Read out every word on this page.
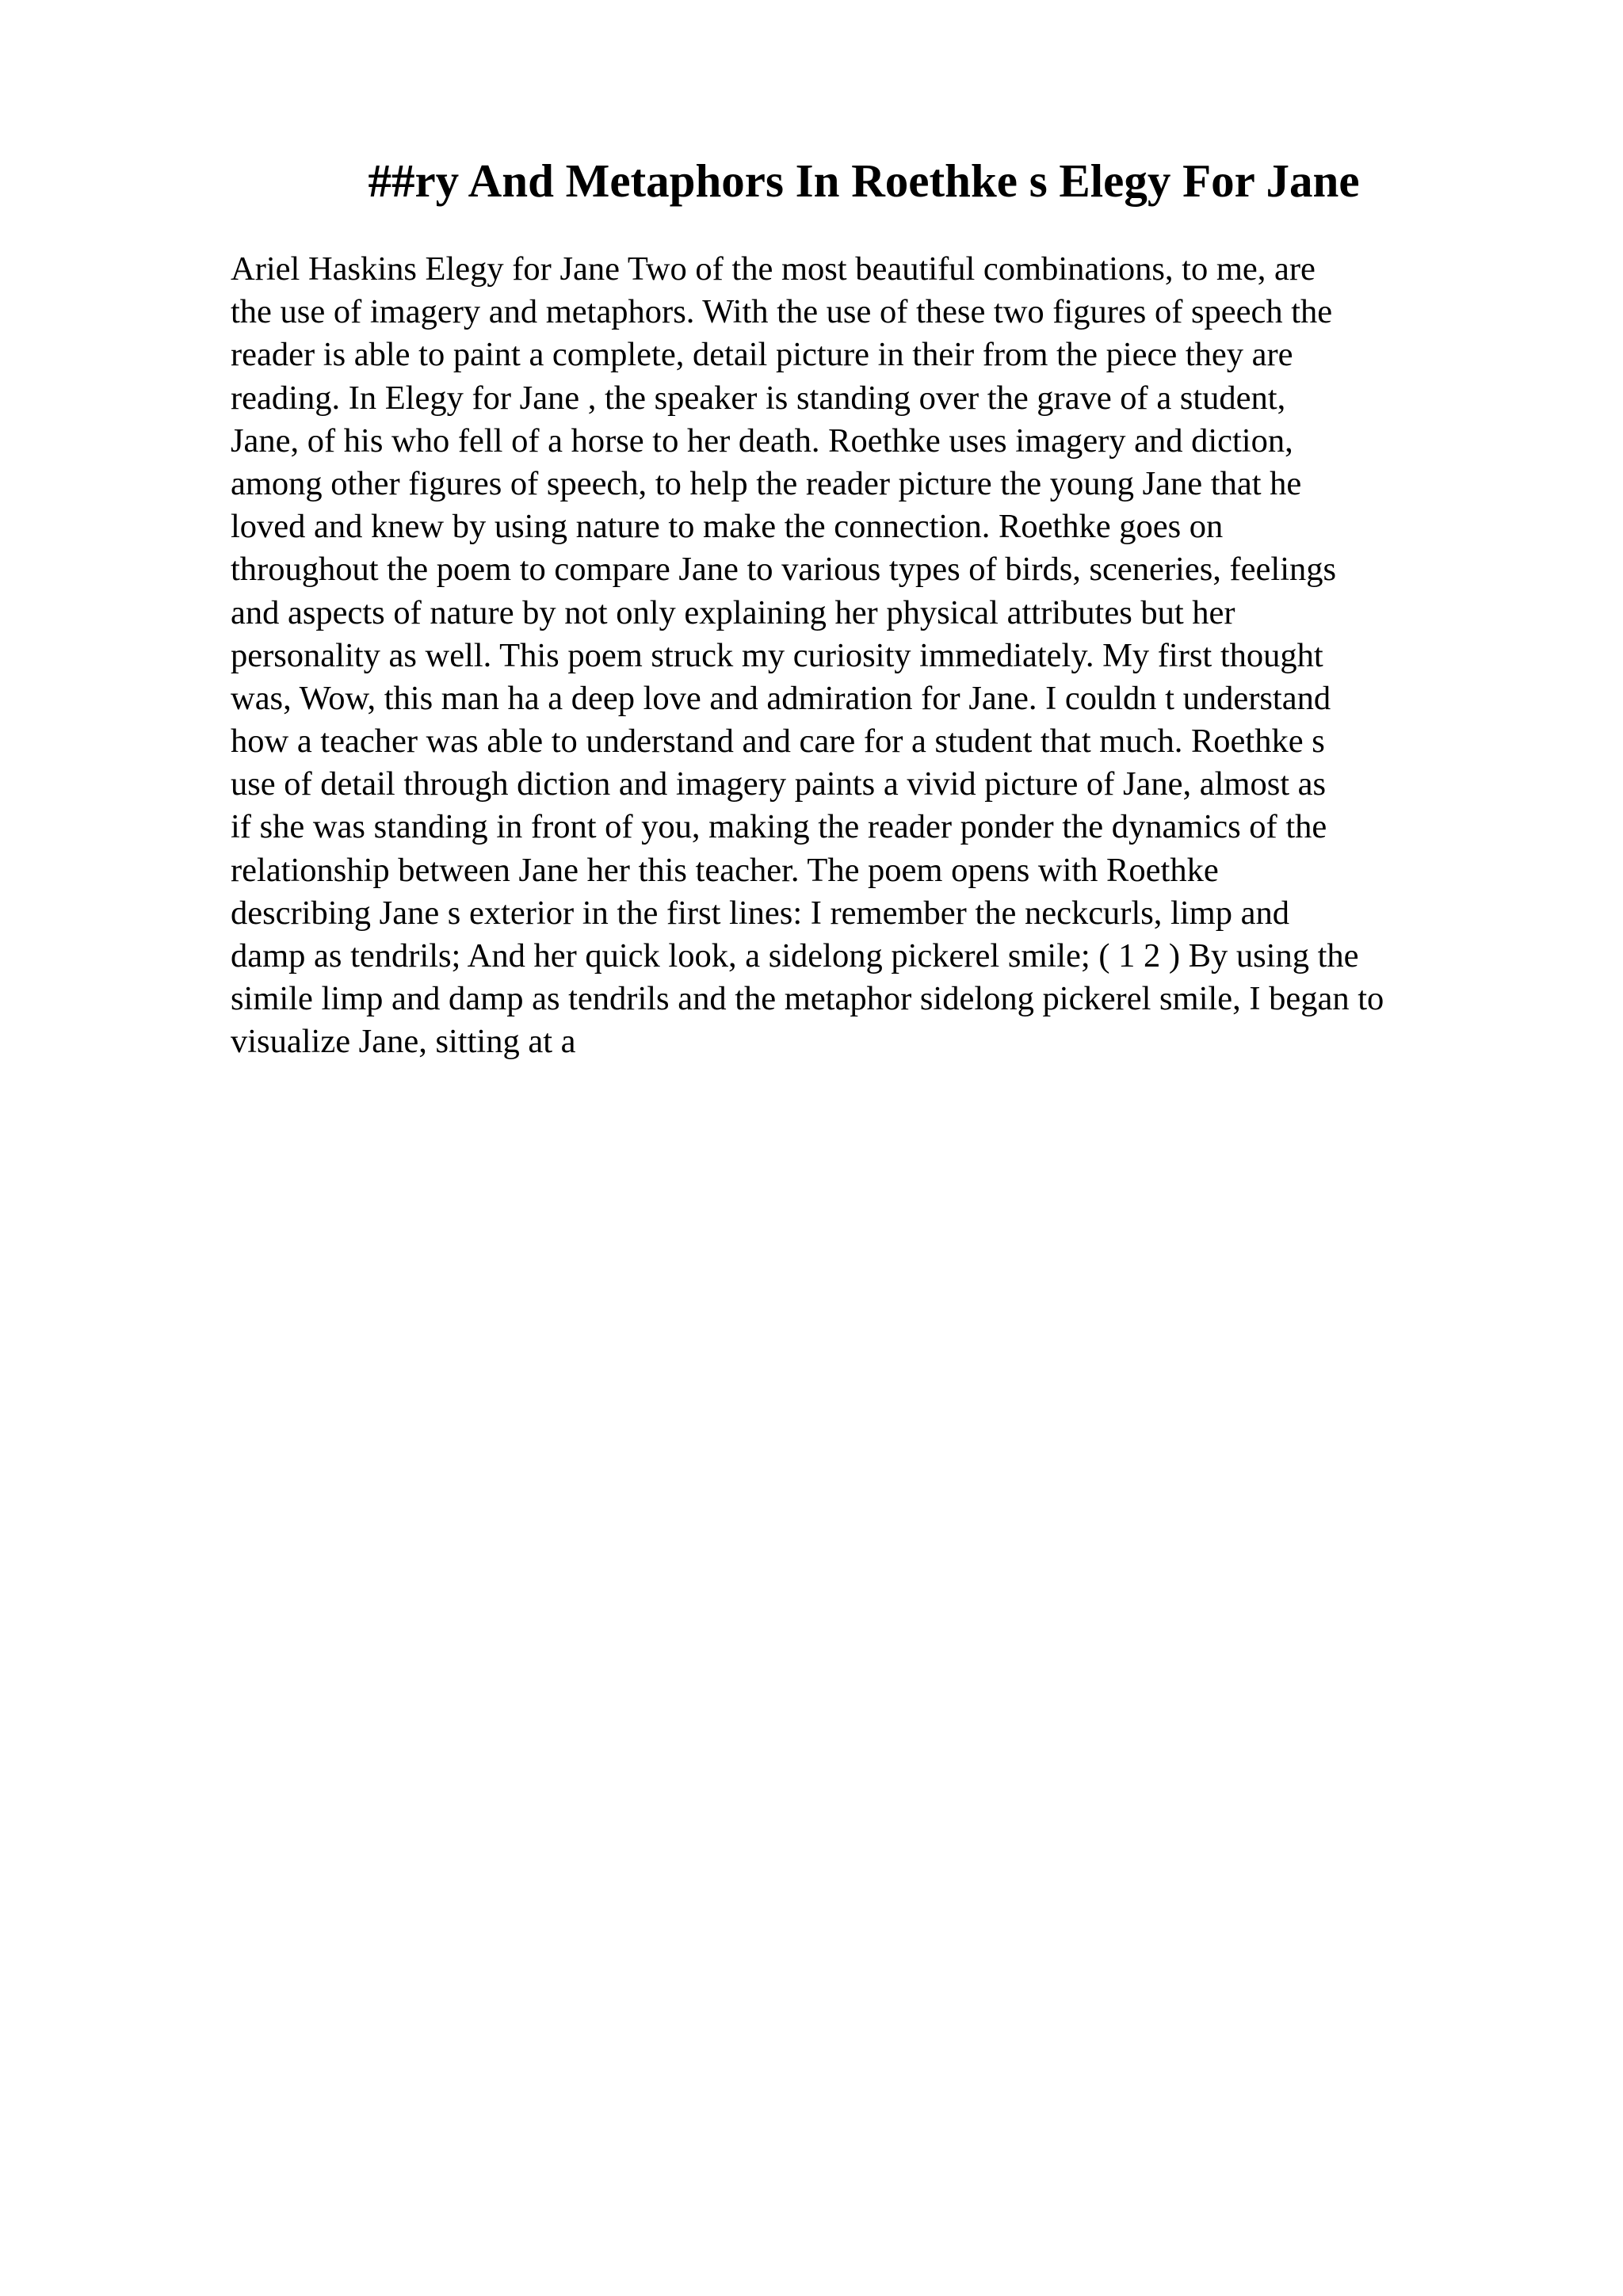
##ry And Metaphors In Roethke s Elegy For Jane
Ariel Haskins Elegy for Jane Two of the most beautiful combinations, to me, are
the use of imagery and metaphors. With the use of these two figures of speech the
reader is able to paint a complete, detail picture in their from the piece they are
reading. In Elegy for Jane , the speaker is standing over the grave of a student,
Jane, of his who fell of a horse to her death. Roethke uses imagery and diction,
among other figures of speech, to help the reader picture the young Jane that he
loved and knew by using nature to make the connection. Roethke goes on
throughout the poem to compare Jane to various types of birds, sceneries, feelings
and aspects of nature by not only explaining her physical attributes but her
personality as well. This poem struck my curiosity immediately. My first thought
was, Wow, this man ha a deep love and admiration for Jane. I couldn t understand
how a teacher was able to understand and care for a student that much. Roethke s
use of detail through diction and imagery paints a vivid picture of Jane, almost as
if she was standing in front of you, making the reader ponder the dynamics of the
relationship between Jane her this teacher. The poem opens with Roethke
describing Jane s exterior in the first lines: I remember the neckcurls, limp and
damp as tendrils; And her quick look, a sidelong pickerel smile; ( 1 2 ) By using the
simile limp and damp as tendrils and the metaphor sidelong pickerel smile, I began to
visualize Jane, sitting at a
